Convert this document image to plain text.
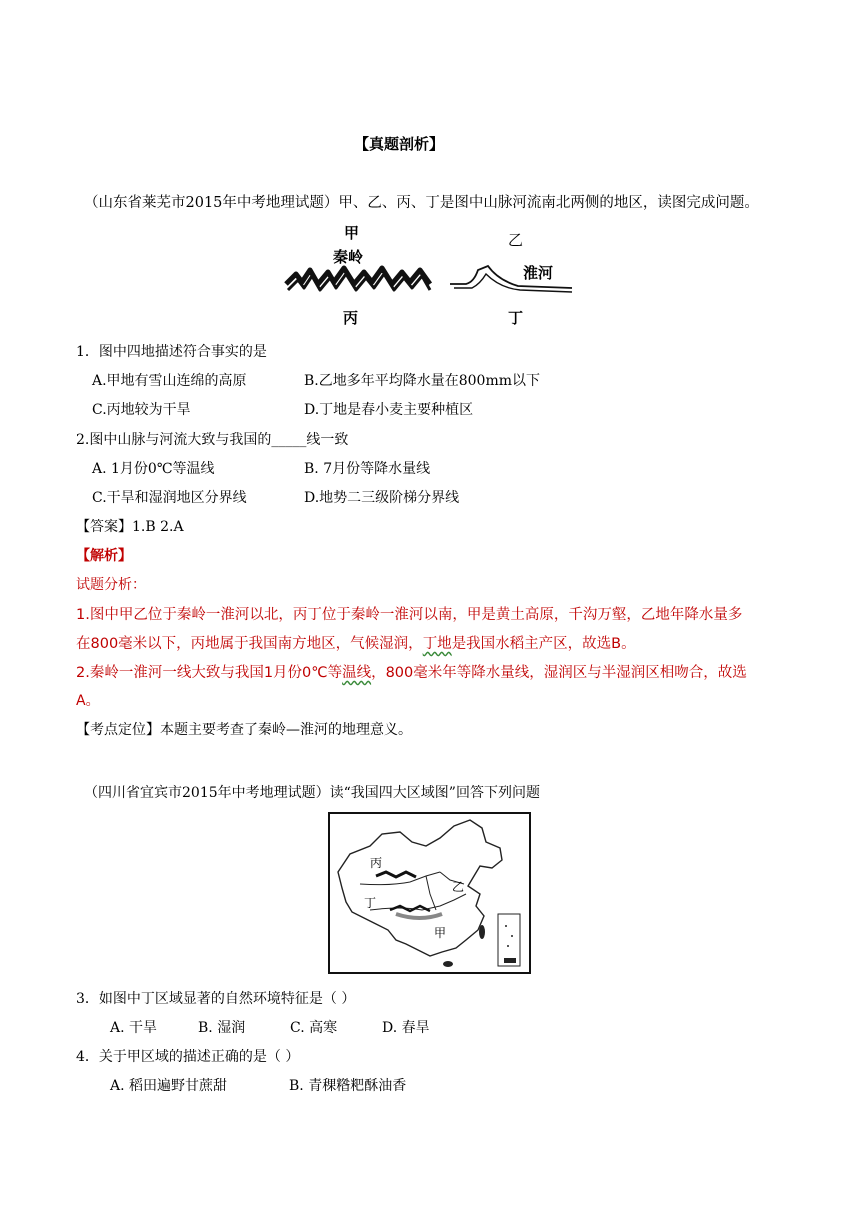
【真题剖析】
（山东省莱芜市2015年中考地理试题）甲、乙、丙、丁是图中山脉河流南北两侧的地区，读图完成问题。
甲
秦岭
丙
乙
淮河
丁
1．图中四地描述符合事实的是
A.甲地有雪山连绵的高原	B.乙地多年平均降水量在800mm以下
C.丙地较为干旱	D.丁地是春小麦主要种植区
2.图中山脉与河流大致与我国的_____线一致
A. 1月份0℃等温线	B. 7月份等降水量线
C.干旱和湿润地区分界线	D.地势二三级阶梯分界线
【答案】1.B 2.A
【解析】
试题分析：
1.图中甲乙位于秦岭一淮河以北，丙丁位于秦岭一淮河以南，甲是黄土高原，千沟万壑，乙地年降水量多
在800毫米以下，丙地属于我国南方地区，气候湿润，丁地是我国水稻主产区，故选B。
2.秦岭一淮河一线大致与我国1月份0℃等温线，800毫米年等降水量线，湿润区与半湿润区相吻合，故选
A。
【考点定位】本题主要考查了秦岭—淮河的地理意义。
（四川省宜宾市2015年中考地理试题）读“我国四大区域图”回答下列问题
丙
乙
丁
甲
3．如图中丁区域显著的自然环境特征是（ ）
A. 干旱	B. 湿润	C. 高寒	D. 春旱
4．关于甲区域的描述正确的是（ ）
A. 稻田遍野甘蔗甜	B. 青稞糌粑酥油香
